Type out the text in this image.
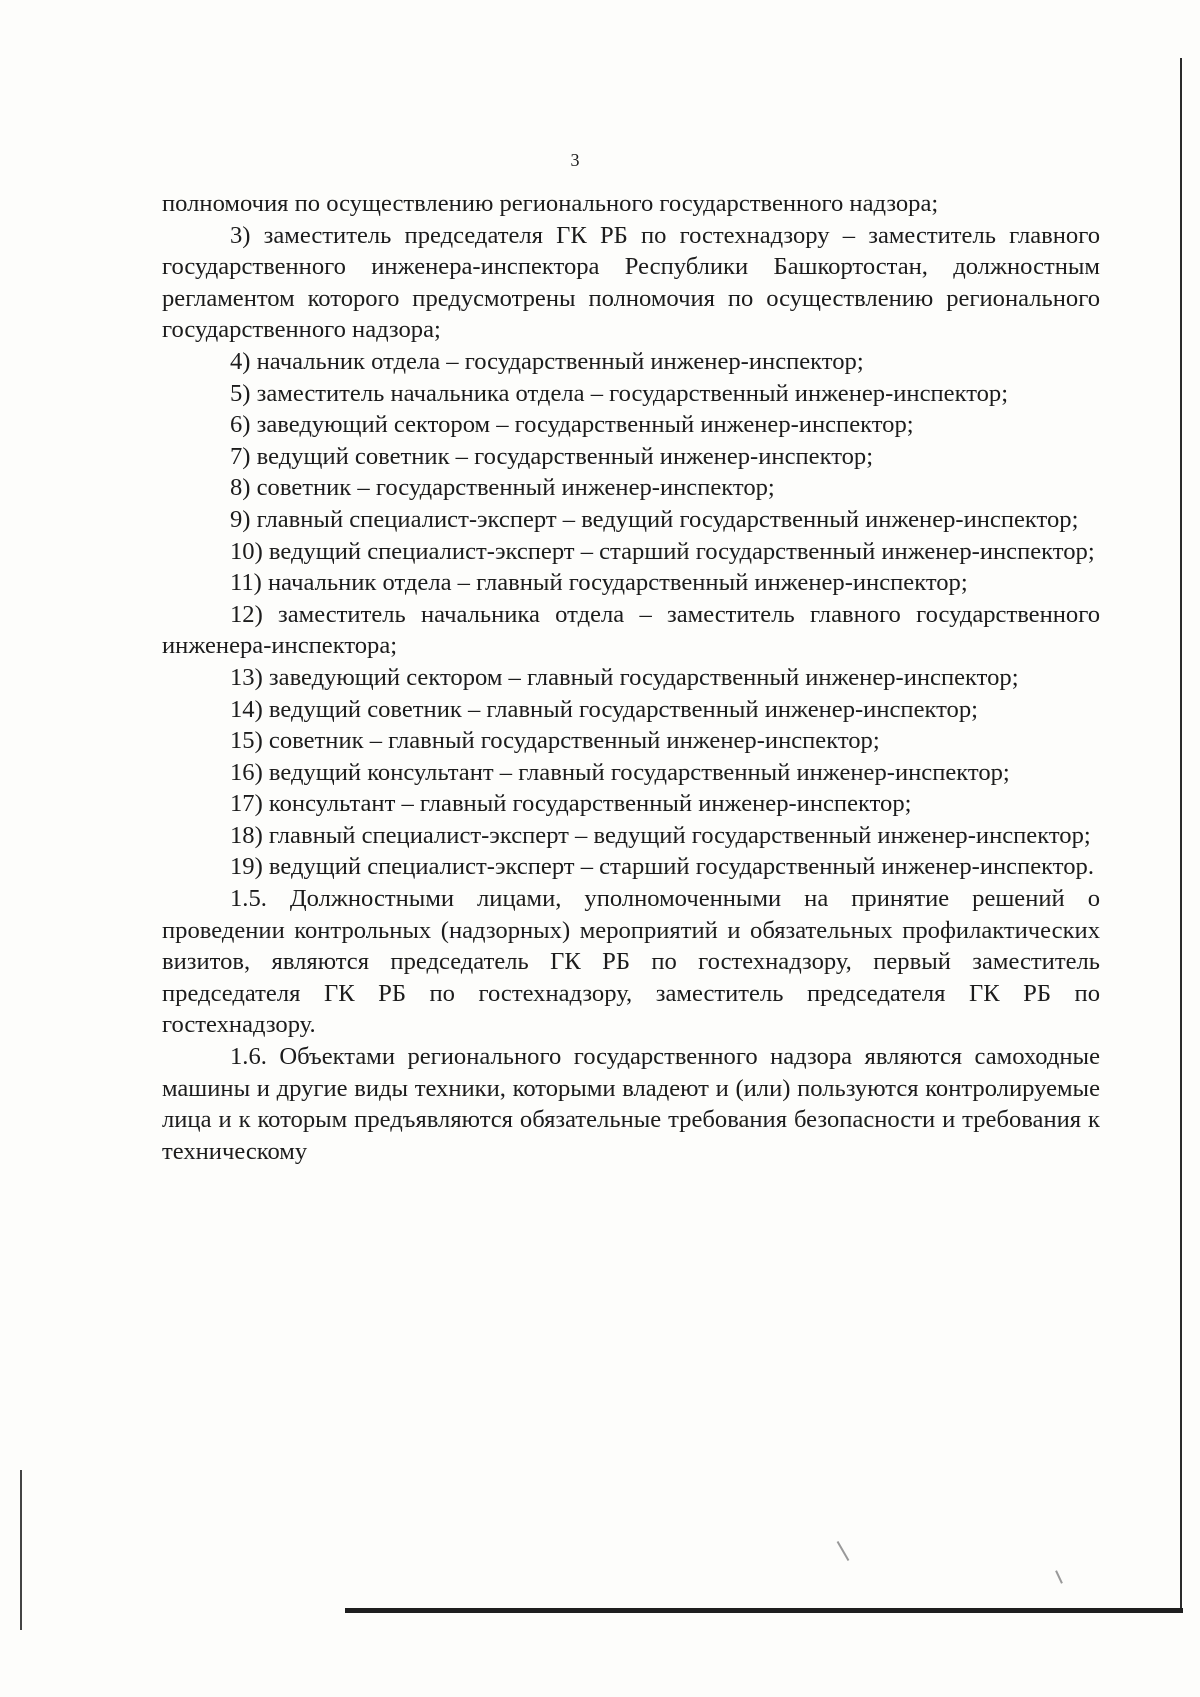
3

полномочия по осуществлению регионального государственного надзора;

3) заместитель председателя ГК РБ по гостехнадзору – заместитель главного государственного инженера-инспектора Республики Башкортостан, должностным регламентом которого предусмотрены полномочия по осуществлению регионального государственного надзора;

4) начальник отдела – государственный инженер-инспектор;

5) заместитель начальника отдела – государственный инженер-инспектор;

6) заведующий сектором – государственный инженер-инспектор;

7) ведущий советник – государственный инженер-инспектор;

8) советник – государственный инженер-инспектор;

9) главный специалист-эксперт – ведущий государственный инженер-инспектор;

10) ведущий специалист-эксперт – старший государственный инженер-инспектор;

11) начальник отдела – главный государственный инженер-инспектор;

12) заместитель начальника отдела – заместитель главного государственного инженера-инспектора;

13) заведующий сектором – главный государственный инженер-инспектор;

14) ведущий советник – главный государственный инженер-инспектор;

15) советник – главный государственный инженер-инспектор;

16) ведущий консультант – главный государственный инженер-инспектор;

17) консультант – главный государственный инженер-инспектор;

18) главный специалист-эксперт – ведущий государственный инженер-инспектор;

19) ведущий специалист-эксперт – старший государственный инженер-инспектор.

1.5. Должностными лицами, уполномоченными на принятие решений о проведении контрольных (надзорных) мероприятий и обязательных профилактических визитов, являются председатель ГК РБ по гостехнадзору, первый заместитель председателя ГК РБ по гостехнадзору, заместитель председателя ГК РБ по гостехнадзору.

1.6. Объектами регионального государственного надзора являются самоходные машины и другие виды техники, которыми владеют и (или) пользуются контролируемые лица и к которым предъявляются обязательные требования безопасности и требования к техническому
